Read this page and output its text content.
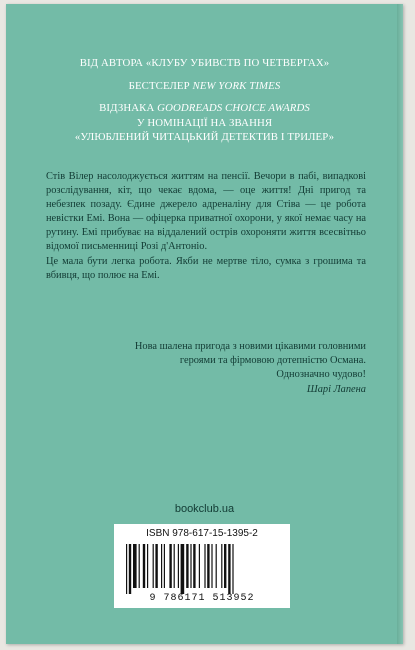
ВІД АВТОРА «КЛУБУ УБИВСТВ ПО ЧЕТВЕРГАХ»

БЕСТСЕЛЕР NEW YORK TIMES

ВІДЗНАКА GOODREADS CHOICE AWARDS

У НОМІНАЦІЇ НА ЗВАННЯ

«УЛЮБЛЕНИЙ ЧИТАЦЬКИЙ ДЕТЕКТИВ І ТРИЛЕР»

Стів Вілер насолоджується життям на пенсії. Вечори в пабі, випадкові розслідування, кіт, що чекає вдома, — оце життя! Дні пригод та небезпек позаду. Єдине джерело адреналіну для Стіва — це робота невістки Емі. Вона — офіцерка приватної охорони, у якої немає часу на рутину. Емі прибуває на віддалений острів охороняти життя всесвітньо відомої письменниці Розі д'Антоніо.

Це мала бути легка робота. Якби не мертве тіло, сумка з грошима та вбивця, що полює на Емі.

Нова шалена пригода з новими цікавими головними

героями та фірмовою дотепністю Османа.

Однозначно чудово!

Шарі Лапена

bookclub.ua
ISBN 978-617-15-1395-2
9 786171 513952
